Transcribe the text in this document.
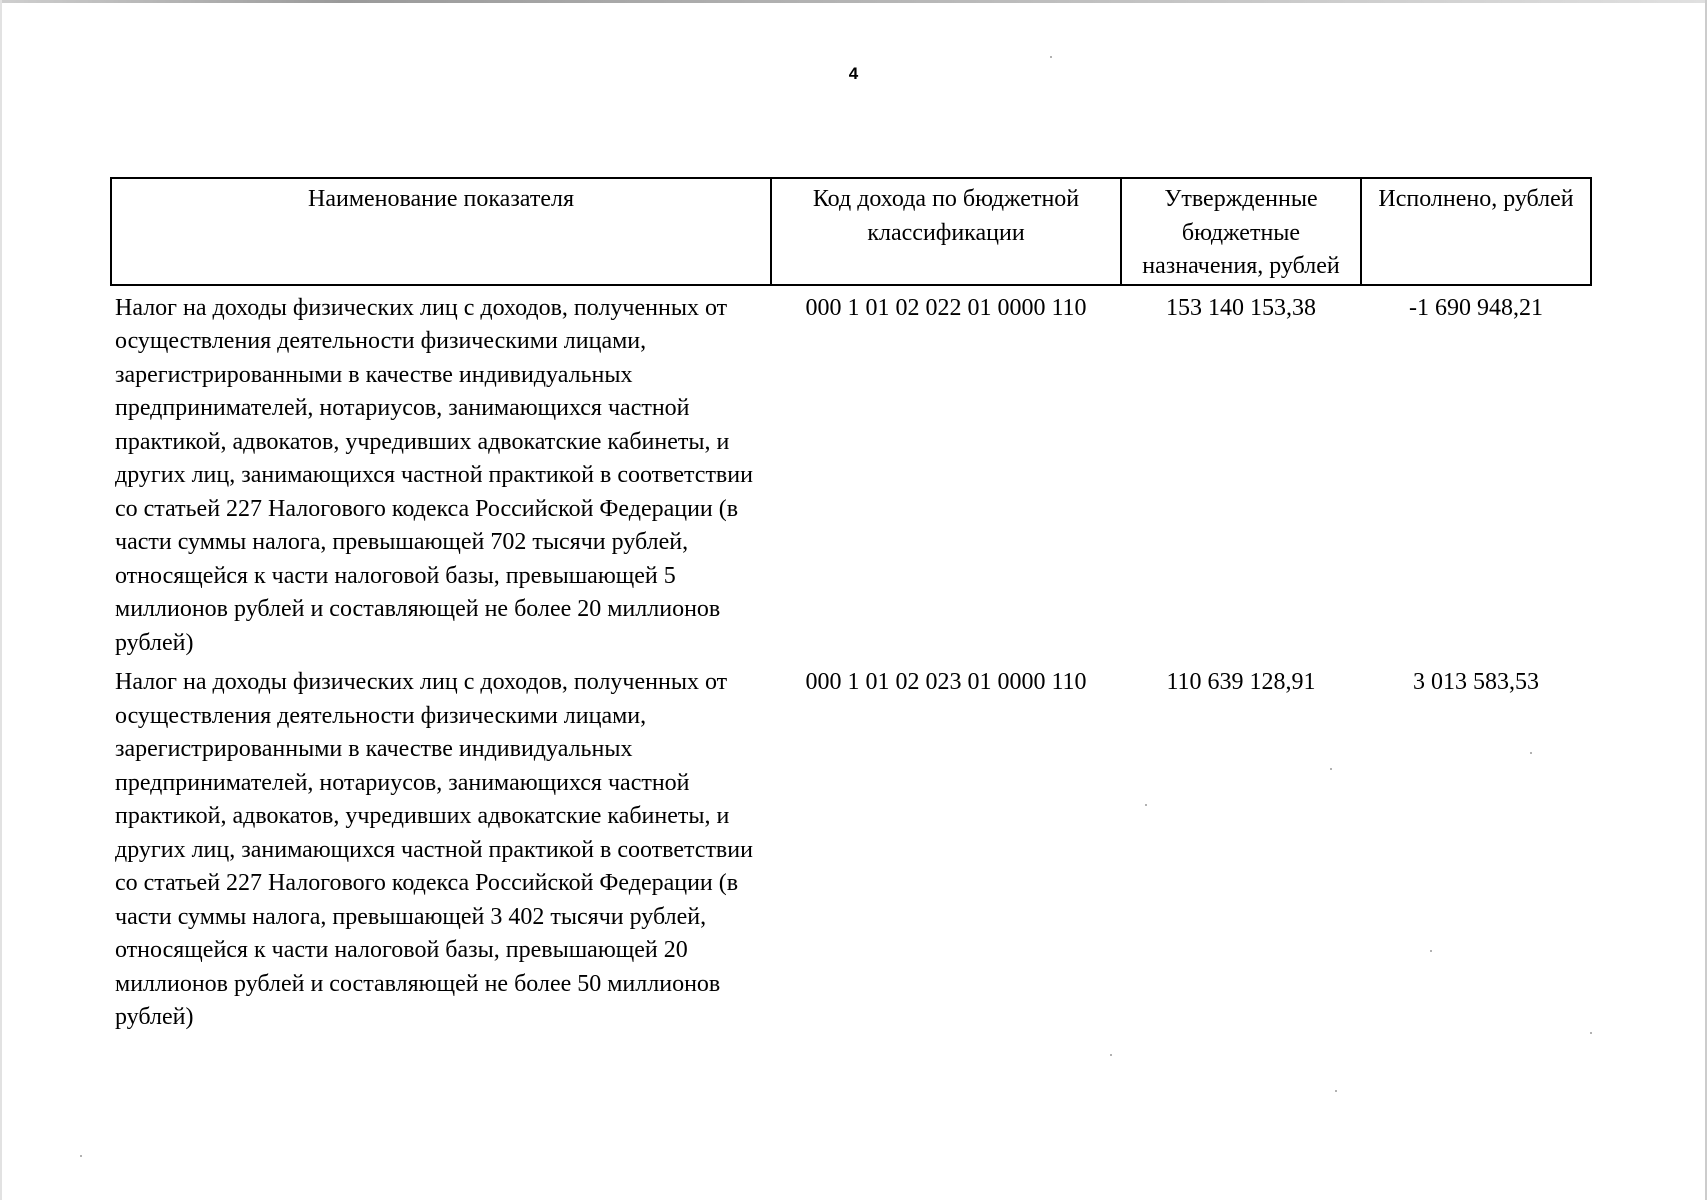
4
Наименование показателя	Код дохода по бюджетной классификации	Утвержденные бюджетные назначения, рублей	Исполнено, рублей
Налог на доходы физических лиц с доходов, полученных от осуществления деятельности физическими лицами, зарегистрированными в качестве индивидуальных предпринимателей, нотариусов, занимающихся частной практикой, адвокатов, учредивших адвокатские кабинеты, и других лиц, занимающихся частной практикой в соответствии со статьей 227 Налогового кодекса Российской Федерации (в части суммы налога, превышающей 702 тысячи рублей, относящейся к части налоговой базы, превышающей 5 миллионов рублей и составляющей не более 20 миллионов рублей)	000 1 01 02 022 01 0000 110	153 140 153,38	-1 690 948,21
Налог на доходы физических лиц с доходов, полученных от осуществления деятельности физическими лицами, зарегистрированными в качестве индивидуальных предпринимателей, нотариусов, занимающихся частной практикой, адвокатов, учредивших адвокатские кабинеты, и других лиц, занимающихся частной практикой в соответствии со статьей 227 Налогового кодекса Российской Федерации (в части суммы налога, превышающей 3 402 тысячи рублей, относящейся к части налоговой базы, превышающей 20 миллионов рублей и составляющей не более 50 миллионов рублей)	000 1 01 02 023 01 0000 110	110 639 128,91	3 013 583,53
